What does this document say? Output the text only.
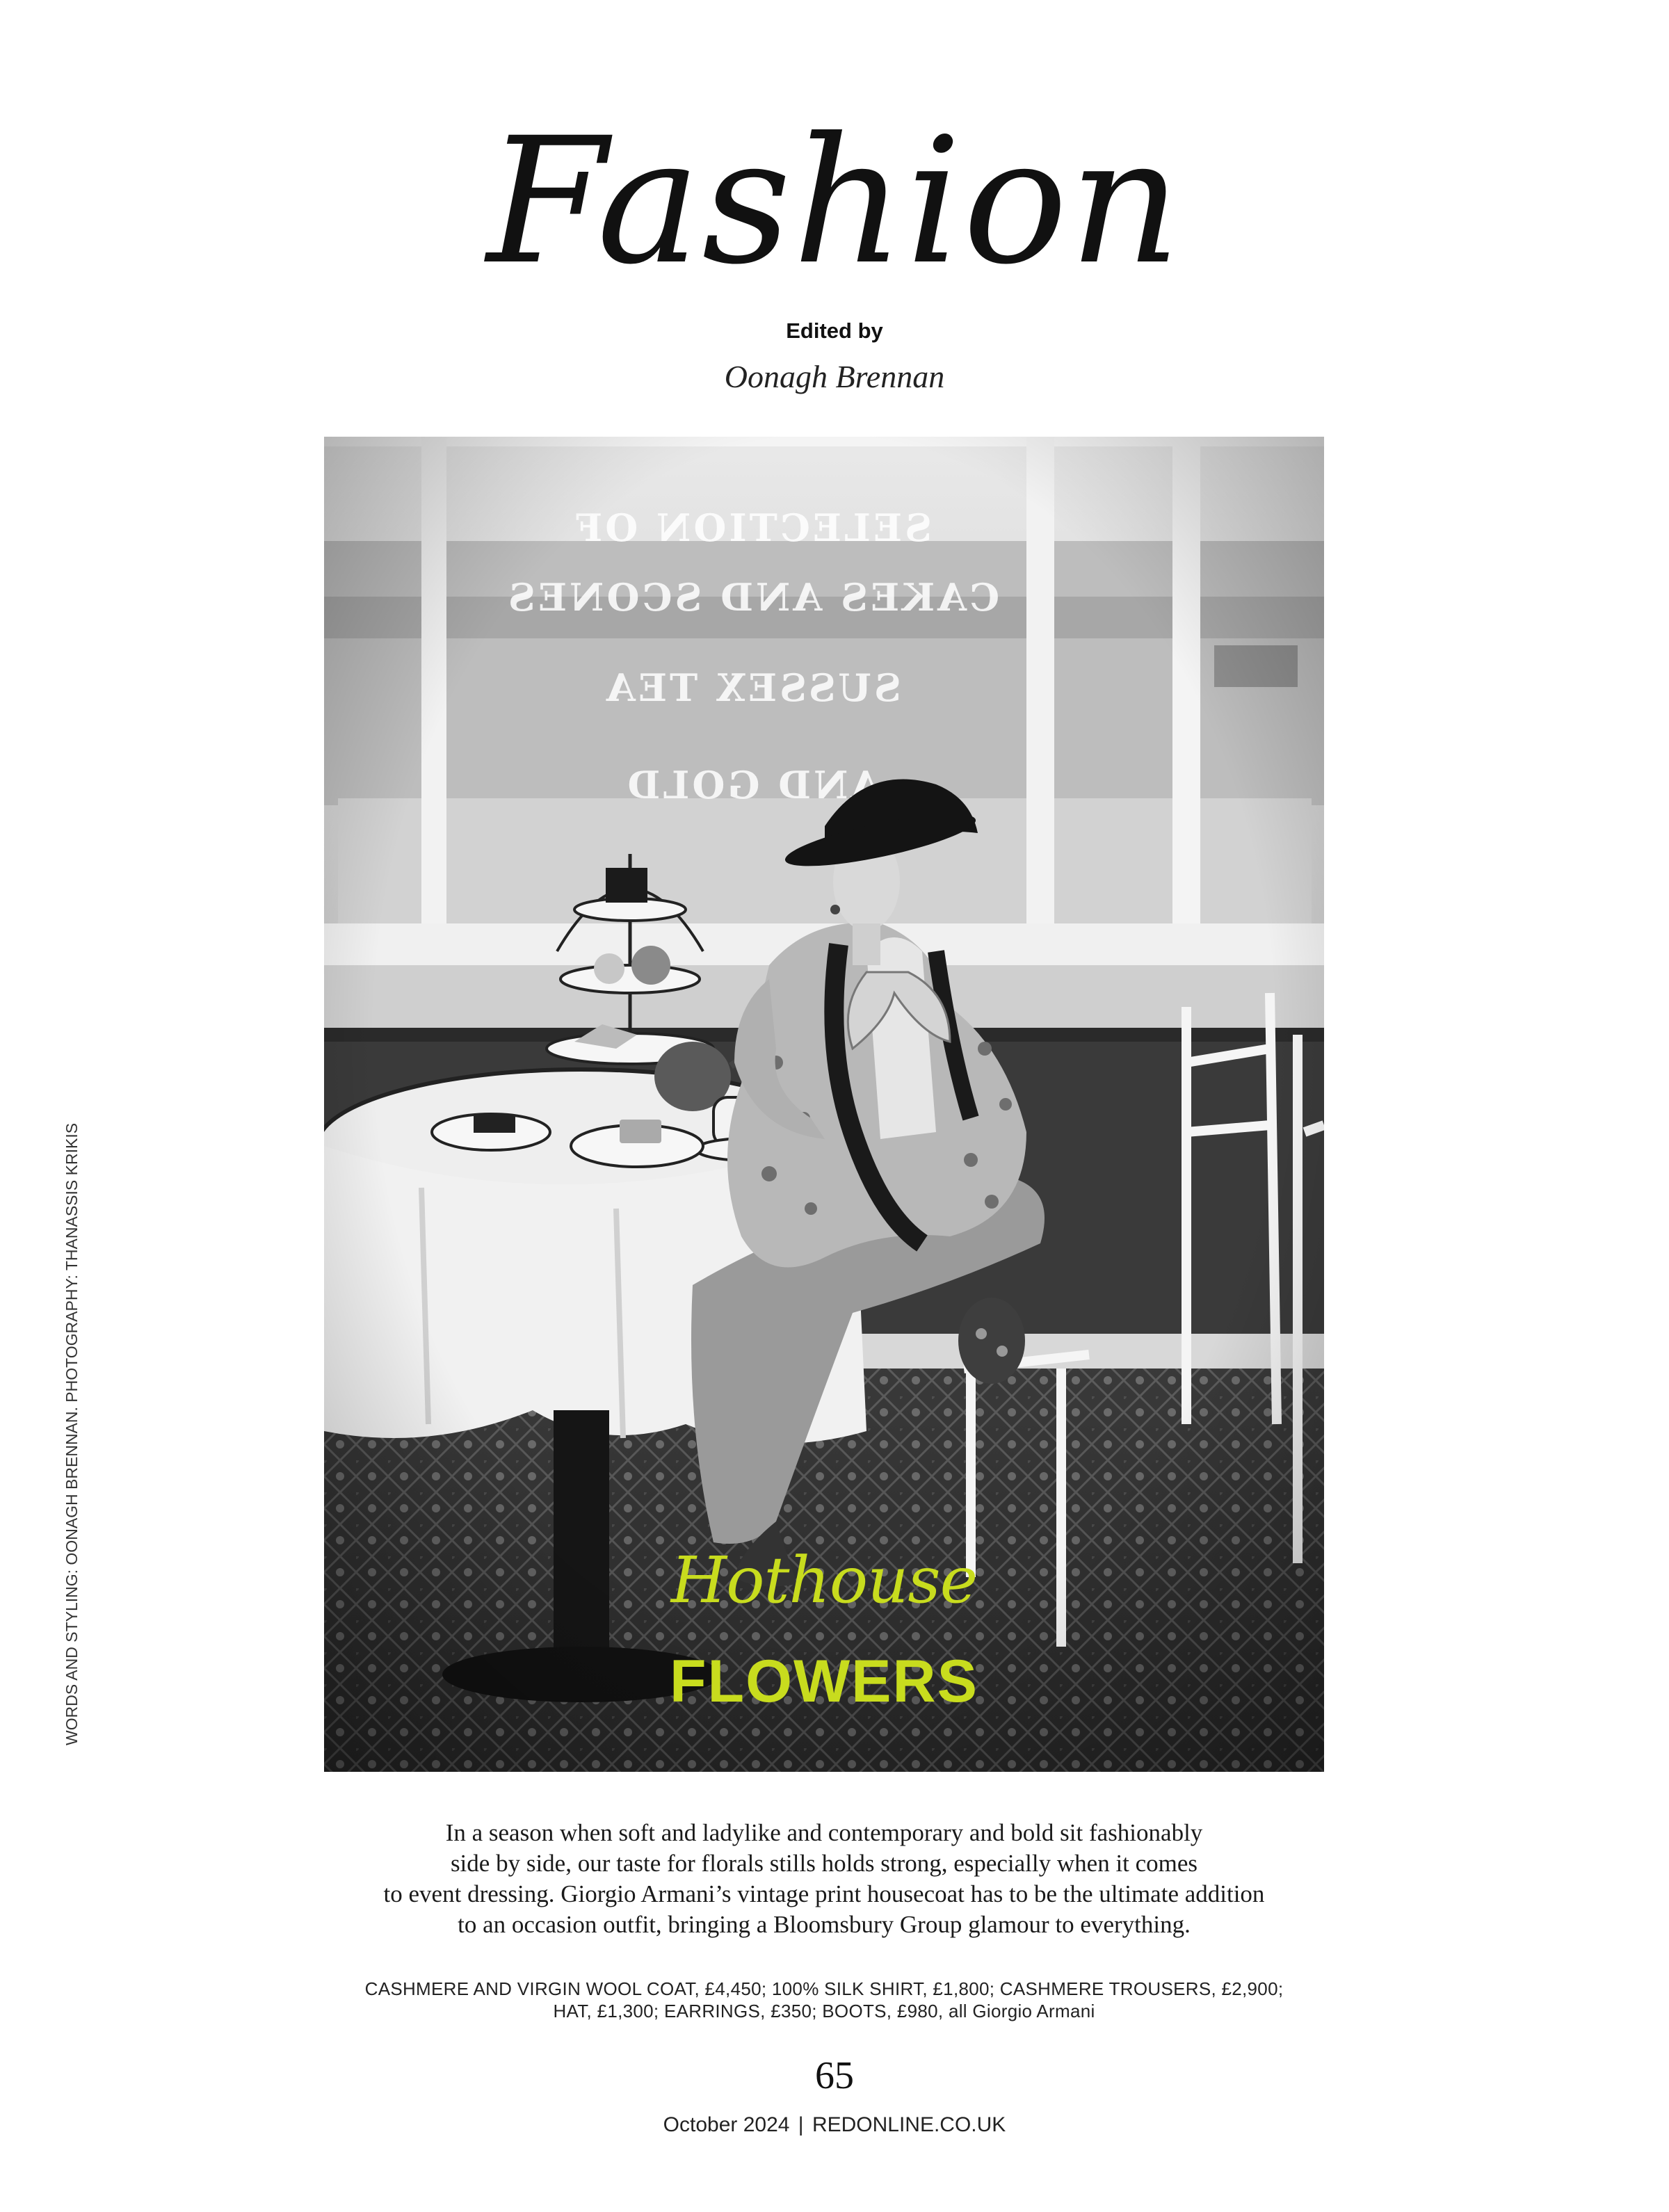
Fashion
Edited by
Oonagh Brennan
Hothouse
FLOWERS
In a season when soft and ladylike and contemporary and bold sit fashionably
side by side, our taste for florals stills holds strong, especially when it comes
to event dressing. Giorgio Armani’s vintage print housecoat has to be the ultimate addition
to an occasion outfit, bringing a Bloomsbury Group glamour to everything.
CASHMERE AND VIRGIN WOOL COAT, £4,450; 100% SILK SHIRT, £1,800; CASHMERE TROUSERS, £2,900;
HAT, £1,300; EARRINGS, £350; BOOTS, £980, all Giorgio Armani
WORDS AND STYLING: OONAGH BRENNAN. PHOTOGRAPHY: THANASSIS KRIKIS
65
October 2024 | REDONLINE.CO.UK
